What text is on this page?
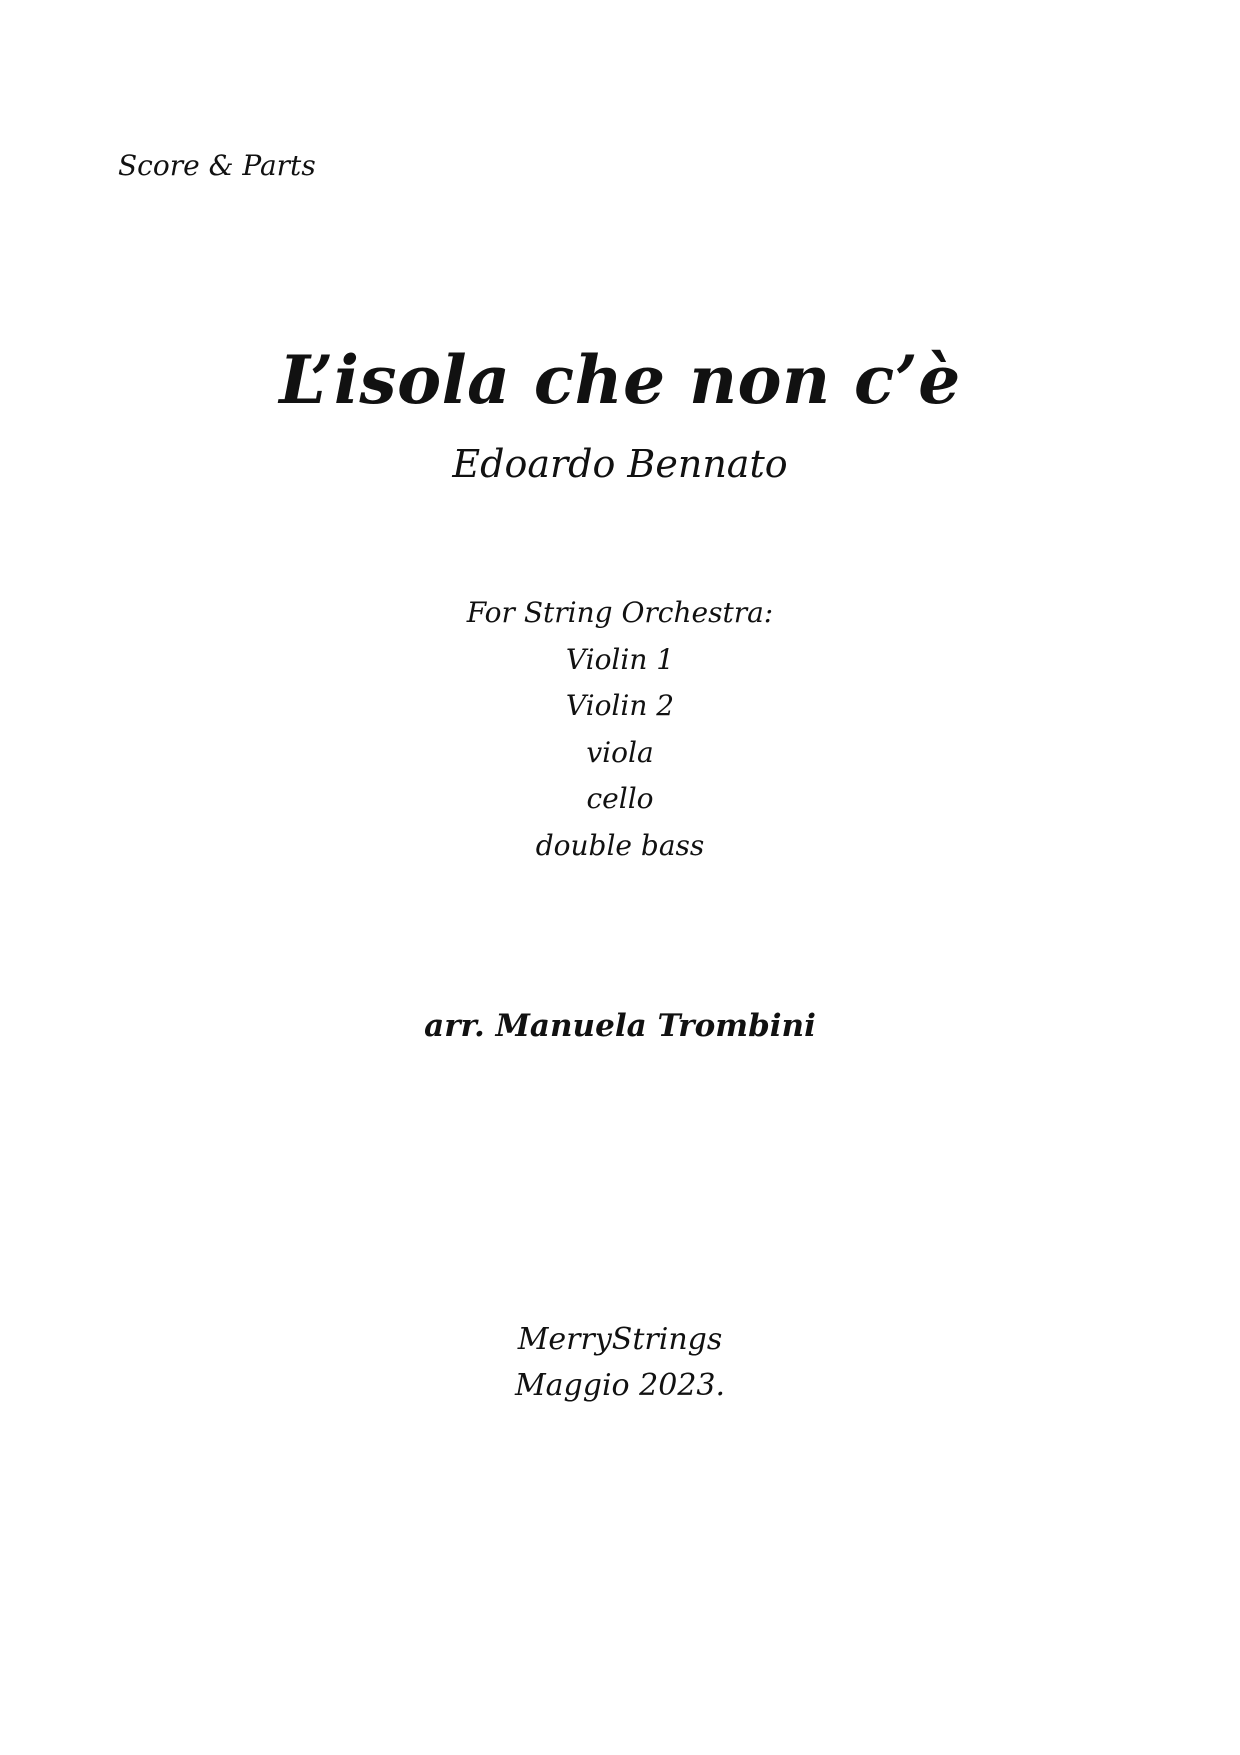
Score & Parts
L’isola che non c’è
Edoardo Bennato
For String Orchestra:
Violin 1
Violin 2
viola
cello
double bass
arr. Manuela Trombini
MerryStrings
Maggio 2023.
